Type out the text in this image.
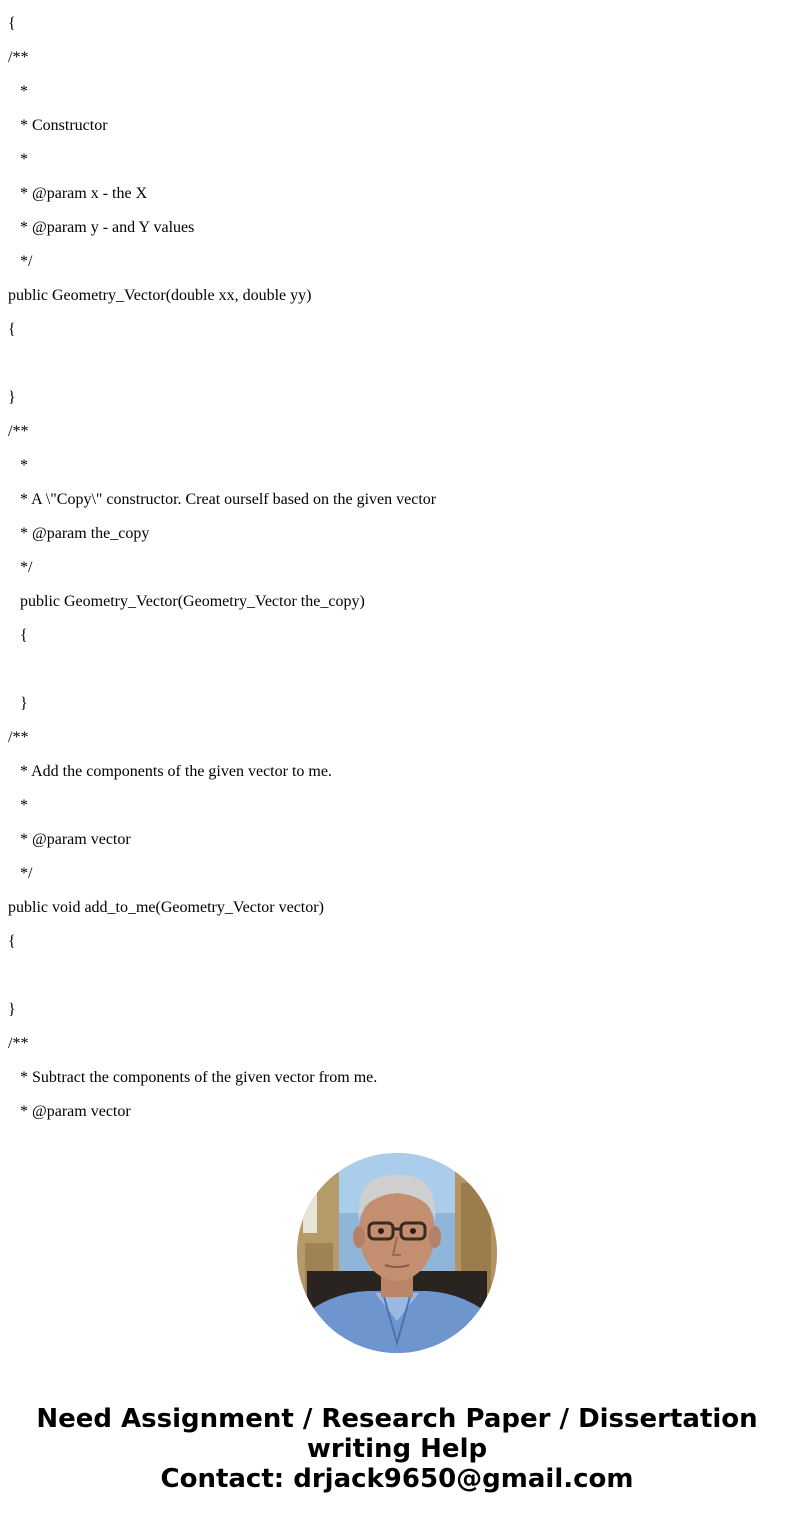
{
/**
*
* Constructor
*
* @param x - the X
* @param y - and Y values
*/
public Geometry_Vector(double xx, double yy)
{
}
/**
*
* A \"Copy\" constructor. Creat ourself based on the given vector
* @param the_copy
*/
public Geometry_Vector(Geometry_Vector the_copy)
{
}
/**
* Add the components of the given vector to me.
*
* @param vector
*/
public void add_to_me(Geometry_Vector vector)
{
}
/**
* Subtract the components of the given vector from me.
* @param vector
Need Assignment / Research Paper / Dissertation
writing Help
Contact: drjack9650@gmail.com
